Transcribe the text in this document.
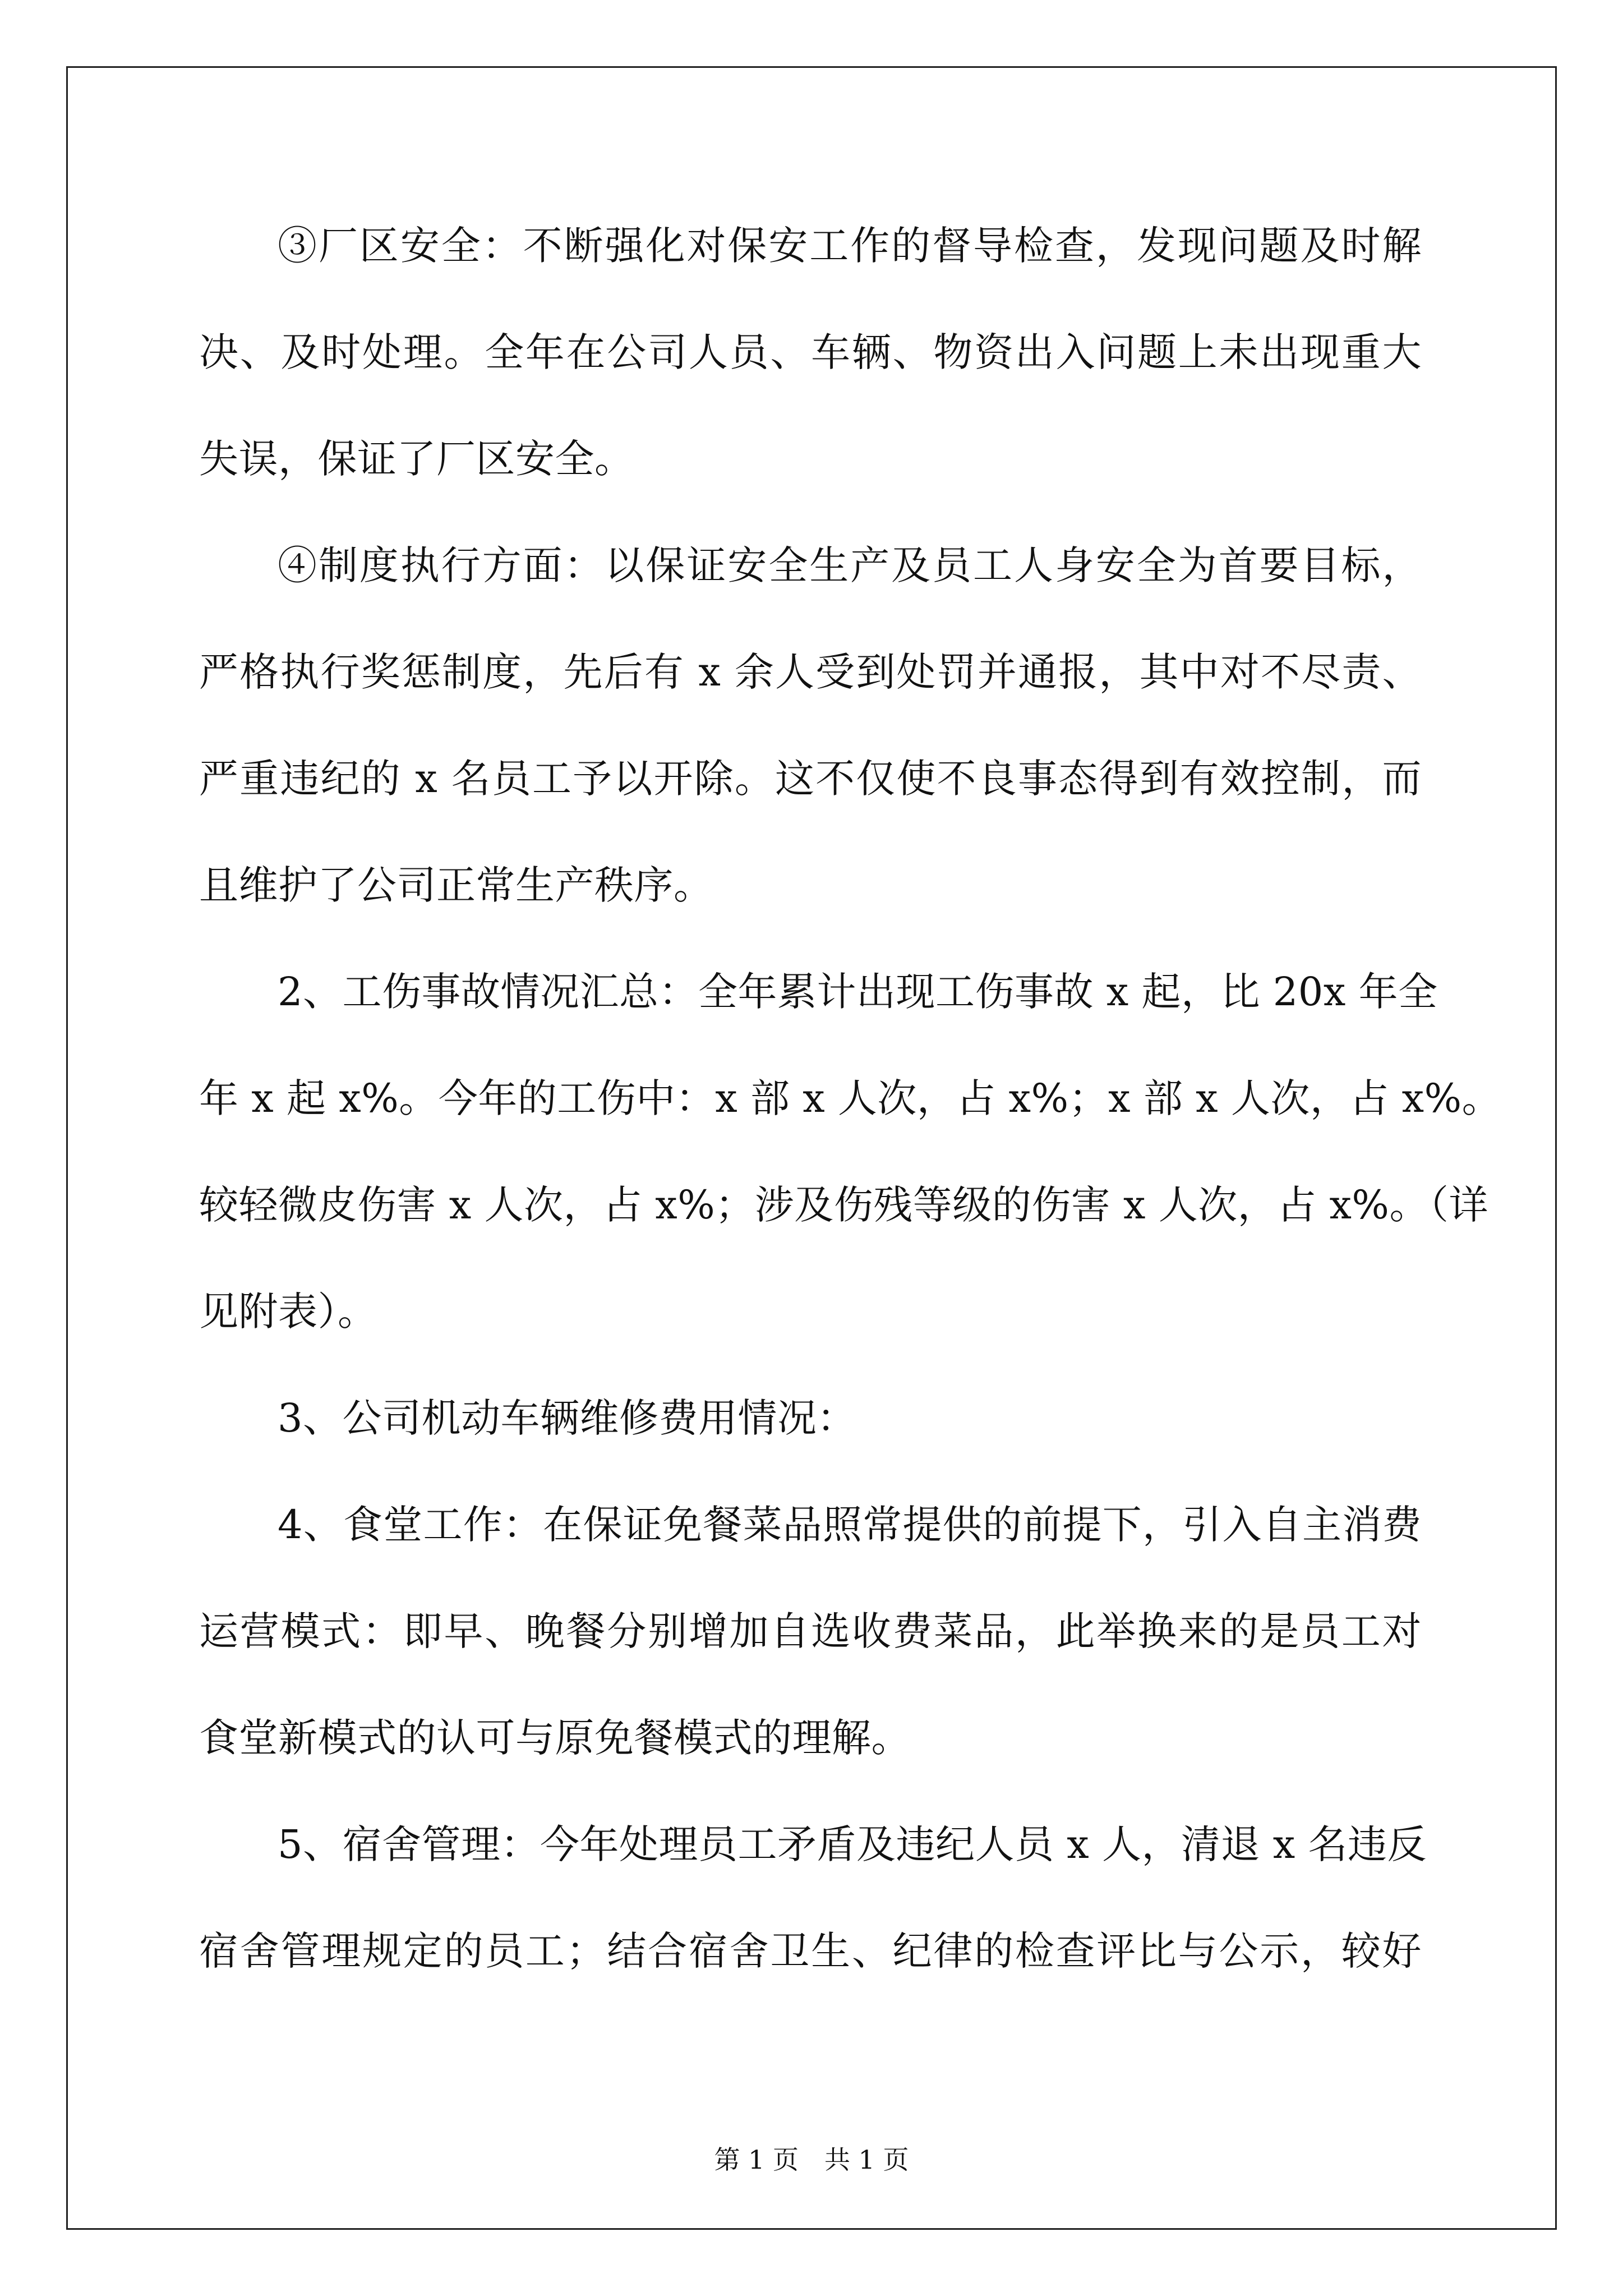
③厂区安全：不断强化对保安工作的督导检查，发现问题及时解
决、及时处理。全年在公司人员、车辆、物资出入问题上未出现重大
失误，保证了厂区安全。
④制度执行方面：以保证安全生产及员工人身安全为首要目标，
严格执行奖惩制度，先后有 x 余人受到处罚并通报，其中对不尽责、
严重违纪的 x 名员工予以开除。这不仅使不良事态得到有效控制，而
且维护了公司正常生产秩序。
2、工伤事故情况汇总：全年累计出现工伤事故 x 起，比 20x 年全
年 x 起 x%。今年的工伤中：x 部 x 人次，占 x%；x 部 x 人次，占 x%。
较轻微皮伤害 x 人次，占 x%；涉及伤残等级的伤害 x 人次，占 x%。（详
见附表）。
3、公司机动车辆维修费用情况：
4、食堂工作：在保证免餐菜品照常提供的前提下，引入自主消费
运营模式：即早、晚餐分别增加自选收费菜品，此举换来的是员工对
食堂新模式的认可与原免餐模式的理解。
5、宿舍管理：今年处理员工矛盾及违纪人员 x 人，清退 x 名违反
宿舍管理规定的员工；结合宿舍卫生、纪律的检查评比与公示，较好
第 1 页　共 1 页
